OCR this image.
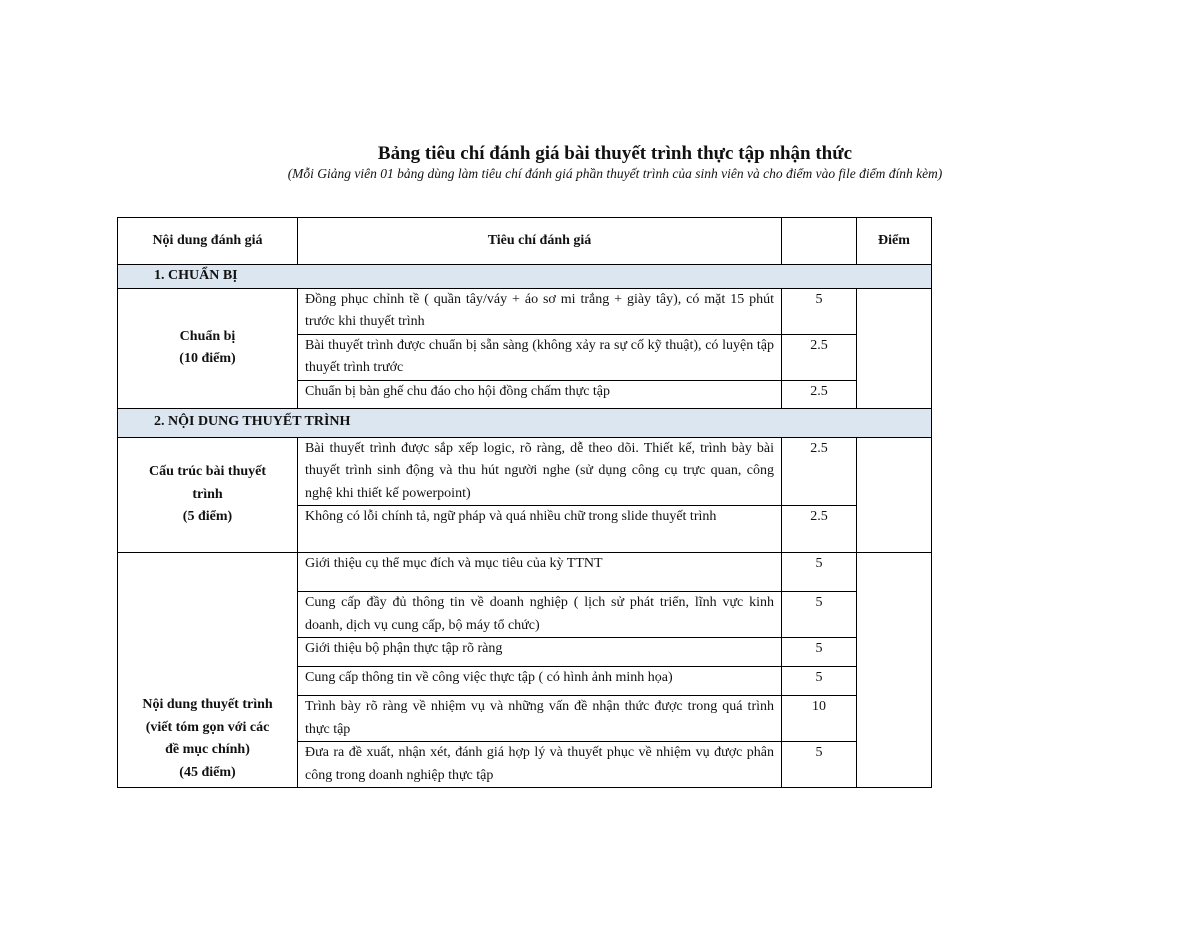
Bảng tiêu chí đánh giá bài thuyết trình thực tập nhận thức
(Mỗi Giảng viên 01 bảng dùng làm tiêu chí đánh giá phần thuyết trình của sinh viên và cho điểm vào file điểm đính kèm)
Nội dung đánh giá	Tiêu chí đánh giá		Điểm
1. CHUẨN BỊ			

Chuẩn bị
(10 điểm)	Đồng phục chỉnh tề ( quần tây/váy + áo sơ mi trắng + giày tây), có mặt 15 phút trước khi thuyết trình	5	
	Bài thuyết trình được chuẩn bị sẵn sàng (không xảy ra sự cố kỹ thuật), có luyện tập thuyết trình trước	2.5	
	Chuẩn bị bàn ghế chu đáo cho hội đồng chấm thực tập	2.5	
2. NỘI DUNG THUYẾT TRÌNH			

Cấu trúc bài thuyết
trình
(5 điểm)	Bài thuyết trình được sắp xếp logic, rõ ràng, dễ theo dõi. Thiết kế, trình bày bài thuyết trình sinh động và thu hút người nghe (sử dụng công cụ trực quan, công nghệ khi thiết kế powerpoint)	2.5	
	Không có lỗi chính tả, ngữ pháp và quá nhiều chữ trong slide thuyết trình	2.5	

Nội dung thuyết trình
(viết tóm gọn với các
đề mục chính)
(45 điểm)	Giới thiệu cụ thể mục đích và mục tiêu của kỳ TTNT	5	
	Cung cấp đầy đủ thông tin về doanh nghiệp ( lịch sử phát triển, lĩnh vực kinh doanh, dịch vụ cung cấp, bộ máy tổ chức)	5	
	Giới thiệu bộ phận thực tập rõ ràng	5	
	Cung cấp thông tin về công việc thực tập ( có hình ảnh minh họa)	5	
	Trình bày rõ ràng về nhiệm vụ và những vấn đề nhận thức được trong quá trình thực tập	10	
	Đưa ra đề xuất, nhận xét, đánh giá hợp lý và thuyết phục về nhiệm vụ được phân công trong doanh nghiệp thực tập	5	
